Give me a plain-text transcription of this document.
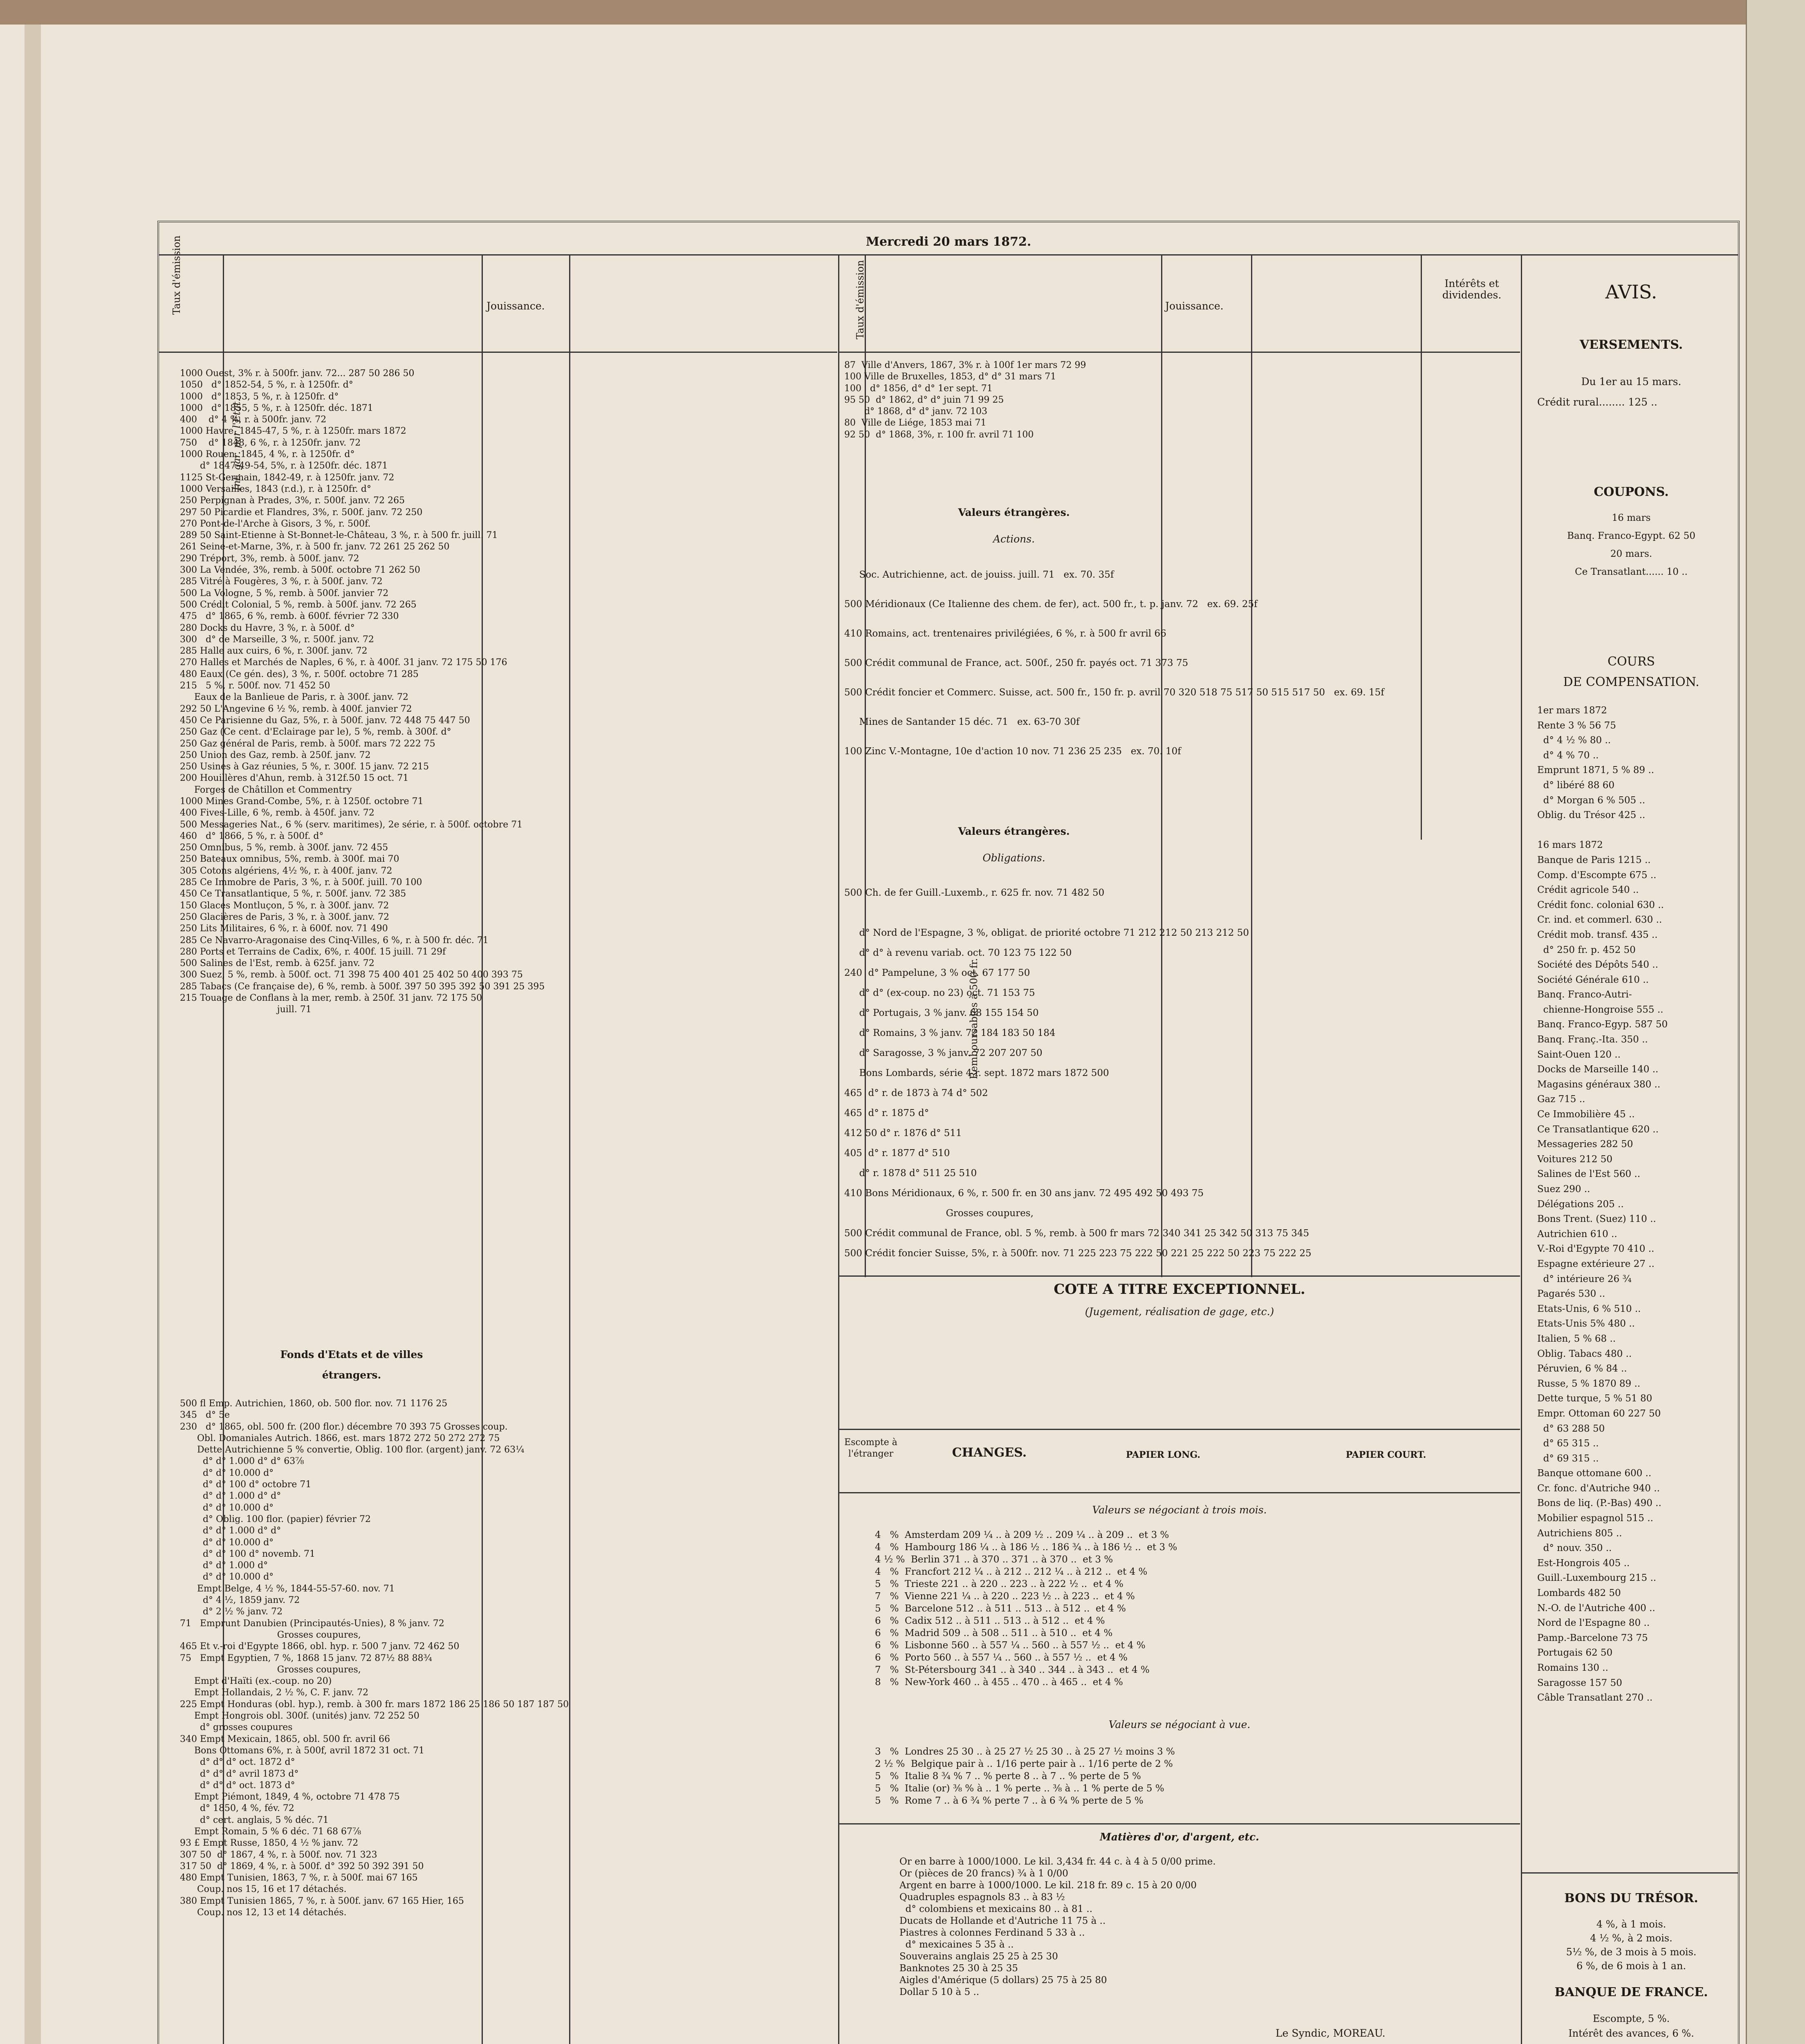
Mercredi 20 mars 1872.
Taux d'émission	Jouissance.	Taux d'émission	Jouissance.
Intérêts et dividendes.
Int. gar. par l'Etat.
1000 Ouest, 3% r. à 500fr. janv. 72... 287 50 286 50
1050   d° 1852-54, 5 %, r. à 1250fr. d°
1000   d° 1853, 5 %, r. à 1250fr. d°
1000   d° 1855, 5 %, r. à 1250fr. déc. 1871
400    d° 4 %, r. à 500fr. janv. 72
1000 Havre, 1845-47, 5 %, r. à 1250fr. mars 1872
750    d° 1848, 6 %, r. à 1250fr. janv. 72
1000 Rouen, 1845, 4 %, r. à 1250fr. d°
d° 1847-49-54, 5%, r. à 1250fr. déc. 1871
1125 St-Germain, 1842-49, r. à 1250fr. janv. 72
1000 Versailles, 1843 (r.d.), r. à 1250fr. d°
250 Perpignan à Prades, 3%, r. 500f. janv. 72 265
297 50 Picardie et Flandres, 3%, r. 500f. janv. 72 250
270 Pont-de-l'Arche à Gisors, 3 %, r. 500f.
289 50 Saint-Etienne à St-Bonnet-le-Château, 3 %, r. à 500 fr. juill. 71
261 Seine-et-Marne, 3%, r. à 500 fr. janv. 72 261 25 262 50
290 Tréport, 3%, remb. à 500f. janv. 72
300 La Vendée, 3%, remb. à 500f. octobre 71 262 50
285 Vitré à Fougères, 3 %, r. à 500f. janv. 72
500 La Vologne, 5 %, remb. à 500f. janvier 72
500 Crédit Colonial, 5 %, remb. à 500f. janv. 72 265
475   d° 1865, 6 %, remb. à 600f. février 72 330
280 Docks du Havre, 3 %, r. à 500f. d°
300   d° de Marseille, 3 %, r. 500f. janv. 72
285 Halle aux cuirs, 6 %, r. 300f. janv. 72
270 Halles et Marchés de Naples, 6 %, r. à 400f. 31 janv. 72 175 50 176
480 Eaux (Ce gén. des), 3 %, r. 500f. octobre 71 285
215   5 %, r. 500f. nov. 71 452 50
Eaux de la Banlieue de Paris, r. à 300f. janv. 72
292 50 L'Angevine 6 ½ %, remb. à 400f. janvier 72
450 Ce Parisienne du Gaz, 5%, r. à 500f. janv. 72 448 75 447 50
250 Gaz (Ce cent. d'Eclairage par le), 5 %, remb. à 300f. d°
250 Gaz général de Paris, remb. à 500f. mars 72 222 75
250 Union des Gaz, remb. à 250f. janv. 72
250 Usines à Gaz réunies, 5 %, r. 300f. 15 janv. 72 215
200 Houillères d'Ahun, remb. à 312f.50 15 oct. 71
Forges de Châtillon et Commentry
1000 Mines Grand-Combe, 5%, r. à 1250f. octobre 71
400 Fives-Lille, 6 %, remb. à 450f. janv. 72
500 Messageries Nat., 6 % (serv. maritimes), 2e série, r. à 500f. octobre 71
460   d° 1866, 5 %, r. à 500f. d°
250 Omnibus, 5 %, remb. à 300f. janv. 72 455
250 Bateaux omnibus, 5%, remb. à 300f. mai 70
305 Cotons algériens, 4½ %, r. à 400f. janv. 72
285 Ce Immobre de Paris, 3 %, r. à 500f. juill. 70 100
450 Ce Transatlantique, 5 %, r. 500f. janv. 72 385
150 Glaces Montluçon, 5 %, r. à 300f. janv. 72
250 Glacières de Paris, 3 %, r. à 300f. janv. 72
250 Lits Militaires, 6 %, r. à 600f. nov. 71 490
285 Ce Navarro-Aragonaise des Cinq-Villes, 6 %, r. à 500 fr. déc. 71
280 Ports et Terrains de Cadix, 6%, r. 400f. 15 juill. 71 29f
500 Salines de l'Est, remb. à 625f. janv. 72
300 Suez, 5 %, remb. à 500f. oct. 71 398 75 400 401 25 402 50 400 393 75
285 Tabacs (Ce française de), 6 %, remb. à 500f. 397 50 395 392 50 391 25 395
215 Touage de Conflans à la mer, remb. à 250f. 31 janv. 72 175 50
juill. 71
Fonds d'Etats et de villes
étrangers.
500 fl Emp. Autrichien, 1860, ob. 500 flor. nov. 71 1176 25
345   d° 5e
230   d° 1865, obl. 500 fr. (200 flor.) décembre 70 393 75 Grosses coup.
Obl. Domaniales Autrich. 1866, est. mars 1872 272 50 272 272 75
Dette Autrichienne 5 % convertie, Oblig. 100 flor. (argent) janv. 72 63¼
d° d° 1.000 d° d° 63⅞
d° d° 10.000 d°
d° d° 100 d° octobre 71
d° d° 1.000 d° d°
d° d° 10.000 d°
d° Oblig. 100 flor. (papier) février 72
d° d° 1.000 d° d°
d° d° 10.000 d°
d° d° 100 d° novemb. 71
d° d° 1.000 d°
d° d° 10.000 d°
Empt Belge, 4 ½ %, 1844-55-57-60. nov. 71
d° 4 ½, 1859 janv. 72
d° 2 ½ % janv. 72
71   Emprunt Danubien (Principautés-Unies), 8 % janv. 72
Grosses coupures,
465 Et v.-roi d'Egypte 1866, obl. hyp. r. 500 7 janv. 72 462 50
75   Empt Egyptien, 7 %, 1868 15 janv. 72 87½ 88 88¾
Grosses coupures,
Empt d'Haïti (ex.-coup. no 20)
Empt Hollandais, 2 ½ %, C. F. janv. 72
225 Empt Honduras (obl. hyp.), remb. à 300 fr. mars 1872 186 25 186 50 187 187 50
Empt Hongrois obl. 300f. (unités) janv. 72 252 50
d° grosses coupures
340 Empt Mexicain, 1865, obl. 500 fr. avril 66
Bons Ottomans 6%, r. à 500f, avril 1872 31 oct. 71
d° d° d° oct. 1872 d°
d° d° d° avril 1873 d°
d° d° d° oct. 1873 d°
Empt Piémont, 1849, 4 %, octobre 71 478 75
d° 1850, 4 %, fév. 72
d° cert. anglais, 5 % déc. 71
Empt Romain, 5 % 6 déc. 71 68 67⅞
93 £ Empt Russe, 1850, 4 ½ % janv. 72
307 50  d° 1867, 4 %, r. à 500f. nov. 71 323
317 50  d° 1869, 4 %, r. à 500f. d° 392 50 392 391 50
480 Empt Tunisien, 1863, 7 %, r. à 500f. mai 67 165
Coup. nos 15, 16 et 17 détachés.
380 Empt Tunisien 1865, 7 %, r. à 500f. janv. 67 165 Hier, 165
Coup. nos 12, 13 et 14 détachés.
87  Ville d'Anvers, 1867, 3% r. à 100f 1er mars 72 99
100 Ville de Bruxelles, 1853, d° d° 31 mars 71
100   d° 1856, d° d° 1er sept. 71
95 50  d° 1862, d° d° juin 71 99 25
d° 1868, d° d° janv. 72 103
80  Ville de Liége, 1853 mai 71
92 50  d° 1868, 3%, r. 100 fr. avril 71 100
Valeurs étrangères.
Actions.
Soc. Autrichienne, act. de jouiss. juill. 71   ex. 70. 35f
500 Méridionaux (Ce Italienne des chem. de fer), act. 500 fr., t. p. janv. 72   ex. 69. 25f
410 Romains, act. trentenaires privilégiées, 6 %, r. à 500 fr avril 66
500 Crédit communal de France, act. 500f., 250 fr. payés oct. 71 373 75
500 Crédit foncier et Commerc. Suisse, act. 500 fr., 150 fr. p. avril 70 320 518 75 517 50 515 517 50   ex. 69. 15f
Mines de Santander 15 déc. 71   ex. 63-70 30f
100 Zinc V.-Montagne, 10e d'action 10 nov. 71 236 25 235   ex. 70. 10f
Valeurs étrangères.
Obligations.
Remboursables à 500 fr.
500 Ch. de fer Guill.-Luxemb., r. 625 fr. nov. 71 482 50

d° Nord de l'Espagne, 3 %, obligat. de priorité octobre 71 212 212 50 213 212 50
d° d° à revenu variab. oct. 70 123 75 122 50
240  d° Pampelune, 3 % oct. 67 177 50
d° d° (ex-coup. no 23) oct. 71 153 75
d° Portugais, 3 % janv. 68 155 154 50
d° Romains, 3 % janv. 72 184 183 50 184
d° Saragosse, 3 % janv. 72 207 207 50
Bons Lombards, série 4 r. sept. 1872 mars 1872 500
465  d° r. de 1873 à 74 d° 502
465  d° r. 1875 d°
412 50 d° r. 1876 d° 511
405  d° r. 1877 d° 510
d° r. 1878 d° 511 25 510
410 Bons Méridionaux, 6 %, r. 500 fr. en 30 ans janv. 72 495 492 50 493 75
Grosses coupures,
500 Crédit communal de France, obl. 5 %, remb. à 500 fr mars 72 340 341 25 342 50 313 75 345
500 Crédit foncier Suisse, 5%, r. à 500fr. nov. 71 225 223 75 222 50 221 25 222 50 223 75 222 25
COTE A TITRE EXCEPTIONNEL.
(Jugement, réalisation de gage, etc.)
Escompte à l'étranger	CHANGES.	PAPIER LONG.	PAPIER COURT.
Valeurs se négociant à trois mois.
4   %  Amsterdam 209 ¼ .. à 209 ½ .. 209 ¼ .. à 209 ..  et 3 %
4   %  Hambourg 186 ¼ .. à 186 ½ .. 186 ¾ .. à 186 ½ ..  et 3 %
4 ½ %  Berlin 371 .. à 370 .. 371 .. à 370 ..  et 3 %
4   %  Francfort 212 ¼ .. à 212 .. 212 ¼ .. à 212 ..  et 4 %
5   %  Trieste 221 .. à 220 .. 223 .. à 222 ½ ..  et 4 %
7   %  Vienne 221 ¼ .. à 220 .. 223 ½ .. à 223 ..  et 4 %
5   %  Barcelone 512 .. à 511 .. 513 .. à 512 ..  et 4 %
6   %  Cadix 512 .. à 511 .. 513 .. à 512 ..  et 4 %
6   %  Madrid 509 .. à 508 .. 511 .. à 510 ..  et 4 %
6   %  Lisbonne 560 .. à 557 ¼ .. 560 .. à 557 ½ ..  et 4 %
6   %  Porto 560 .. à 557 ¼ .. 560 .. à 557 ½ ..  et 4 %
7   %  St-Pétersbourg 341 .. à 340 .. 344 .. à 343 ..  et 4 %
8   %  New-York 460 .. à 455 .. 470 .. à 465 ..  et 4 %
Valeurs se négociant à vue.
3   %  Londres 25 30 .. à 25 27 ½ 25 30 .. à 25 27 ½ moins 3 %
2 ½ %  Belgique pair à .. 1/16 perte pair à .. 1/16 perte de 2 %
5   %  Italie 8 ¾ % 7 .. % perte 8 .. à 7 .. % perte de 5 %
5   %  Italie (or) ⅜ % à .. 1 % perte .. ⅜ à .. 1 % perte de 5 %
5   %  Rome 7 .. à 6 ¾ % perte 7 .. à 6 ¾ % perte de 5 %
Matières d'or, d'argent, etc.
Or en barre à 1000/1000. Le kil. 3,434 fr. 44 c. à 4 à 5 0/00 prime.
Or (pièces de 20 francs) ¾ à 1 0/00
Argent en barre à 1000/1000. Le kil. 218 fr. 89 c. 15 à 20 0/00
Quadruples espagnols 83 .. à 83 ½
d° colombiens et mexicains 80 .. à 81 ..
Ducats de Hollande et d'Autriche 11 75 à ..
Piastres à colonnes Ferdinand 5 33 à ..
d° mexicaines 5 35 à ..
Souverains anglais 25 25 à 25 30
Banknotes 25 30 à 25 35
Aigles d'Amérique (5 dollars) 25 75 à 25 80
Dollar 5 10 à 5 ..
Le Syndic, MOREAU.
AVIS.
VERSEMENTS.
Du 1er au 15 mars.
Crédit rural........ 125 ..
COUPONS.
16 mars
Banq. Franco-Egypt. 62 50
20 mars.
Ce Transatlant...... 10 ..
COURS
DE COMPENSATION.
1er mars 1872
Rente 3 % 56 75
d° 4 ½ % 80 ..
d° 4 % 70 ..
Emprunt 1871, 5 % 89 ..
d° libéré 88 60
d° Morgan 6 % 505 ..
Oblig. du Trésor 425 ..

16 mars 1872
Banque de Paris 1215 ..
Comp. d'Escompte 675 ..
Crédit agricole 540 ..
Crédit fonc. colonial 630 ..
Cr. ind. et commerl. 630 ..
Crédit mob. transf. 435 ..
d° 250 fr. p. 452 50
Société des Dépôts 540 ..
Société Générale 610 ..
Banq. Franco-Autri-
chienne-Hongroise 555 ..
Banq. Franco-Egyp. 587 50
Banq. Franç.-Ita. 350 ..
Saint-Ouen 120 ..
Docks de Marseille 140 ..
Magasins généraux 380 ..
Gaz 715 ..
Ce Immobilière 45 ..
Ce Transatlantique 620 ..
Messageries 282 50
Voitures 212 50
Salines de l'Est 560 ..
Suez 290 ..
Délégations 205 ..
Bons Trent. (Suez) 110 ..
Autrichien 610 ..
V.-Roi d'Egypte 70 410 ..
Espagne extérieure 27 ..
d° intérieure 26 ¾
Pagarés 530 ..
Etats-Unis, 6 % 510 ..
Etats-Unis 5% 480 ..
Italien, 5 % 68 ..
Oblig. Tabacs 480 ..
Péruvien, 6 % 84 ..
Russe, 5 % 1870 89 ..
Dette turque, 5 % 51 80
Empr. Ottoman 60 227 50
d° 63 288 50
d° 65 315 ..
d° 69 315 ..
Banque ottomane 600 ..
Cr. fonc. d'Autriche 940 ..
Bons de liq. (P.-Bas) 490 ..
Mobilier espagnol 515 ..
Autrichiens 805 ..
d° nouv. 350 ..
Est-Hongrois 405 ..
Guill.-Luxembourg 215 ..
Lombards 482 50
N.-O. de l'Autriche 400 ..
Nord de l'Espagne 80 ..
Pamp.-Barcelone 73 75
Portugais 62 50
Romains 130 ..
Saragosse 157 50
Câble Transatlant 270 ..
BONS DU TRÉSOR.
4 %, à 1 mois.
4 ½ %, à 2 mois.
5½ %, de 3 mois à 5 mois.
6 %, de 6 mois à 1 an.
BANQUE DE FRANCE.
Escompte, 5 %.
Intérêt des avances, 6 %.
